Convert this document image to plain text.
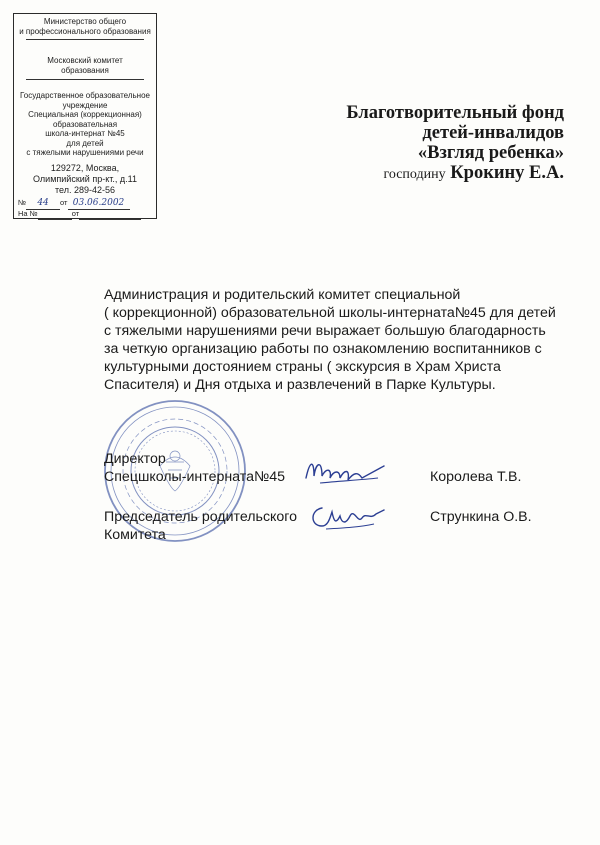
Министерство общего
и профессионального образования
Московский комитет
образования
Государственное образовательное
учреждение
Специальная (коррекционная)
образовательная
школа-интернат №45
для детей
с тяжелыми нарушениями речи
129272, Москва,
Олимпийский пр-кт., д.11
тел. 289-42-56
№ 44 от 03.06.2002
На №	от
Благотворительный фонд
детей-инвалидов
«Взгляд ребенка»
господину Крокину Е.А.
Администрация и родительский комитет специальной
( коррекционной) образовательной школы-интерната№45 для детей
с тяжелыми нарушениями речи выражает большую благодарность
за четкую организацию работы по ознакомлению воспитанников с
культурными достоянием страны ( экскурсия в Храм Христа
Спасителя) и Дня отдыха и развлечений в Парке Культуры.
Директор
Спецшколы-интерната№45	Королева Т.В.
Председатель родительского
Комитета
Стрункина О.В.
